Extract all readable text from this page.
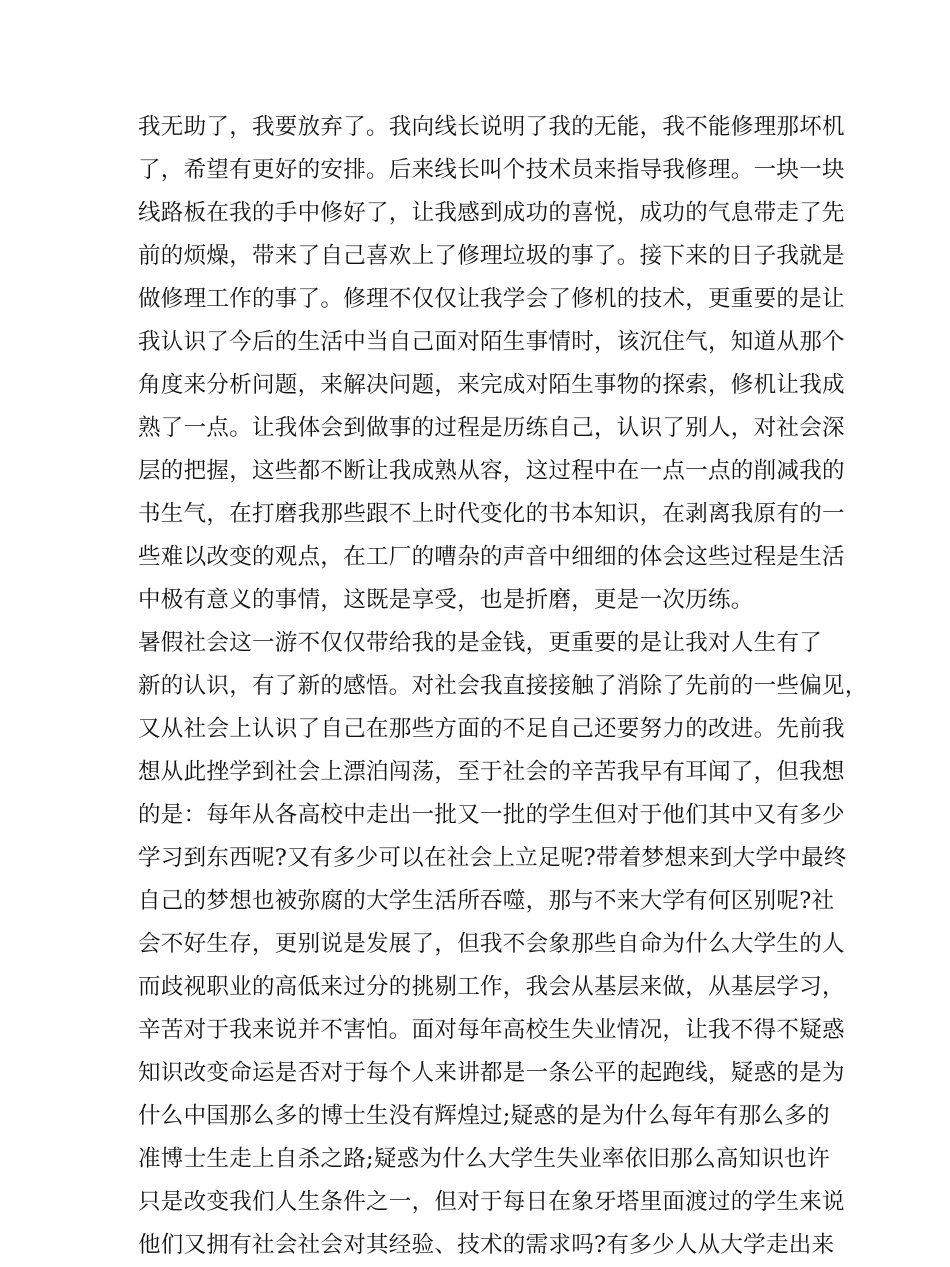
我无助了，我要放弃了。我向线长说明了我的无能，我不能修理那坏机
了，希望有更好的安排。后来线长叫个技术员来指导我修理。一块一块
线路板在我的手中修好了，让我感到成功的喜悦，成功的气息带走了先
前的烦燥，带来了自己喜欢上了修理垃圾的事了。接下来的日子我就是
做修理工作的事了。修理不仅仅让我学会了修机的技术，更重要的是让
我认识了今后的生活中当自己面对陌生事情时，该沉住气，知道从那个
角度来分析问题，来解决问题，来完成对陌生事物的探索，修机让我成
熟了一点。让我体会到做事的过程是历练自己，认识了别人，对社会深
层的把握，这些都不断让我成熟从容，这过程中在一点一点的削减我的
书生气，在打磨我那些跟不上时代变化的书本知识，在剥离我原有的一
些难以改变的观点，在工厂的嘈杂的声音中细细的体会这些过程是生活
中极有意义的事情，这既是享受，也是折磨，更是一次历练。
暑假社会这一游不仅仅带给我的是金钱，更重要的是让我对人生有了
新的认识，有了新的感悟。对社会我直接接触了消除了先前的一些偏见，
又从社会上认识了自己在那些方面的不足自己还要努力的改进。先前我
想从此挫学到社会上漂泊闯荡，至于社会的辛苦我早有耳闻了，但我想
的是：每年从各高校中走出一批又一批的学生但对于他们其中又有多少
学习到东西呢?又有多少可以在社会上立足呢?带着梦想来到大学中最终
自己的梦想也被弥腐的大学生活所吞噬，那与不来大学有何区别呢?社
会不好生存，更别说是发展了，但我不会象那些自命为什么大学生的人
而歧视职业的高低来过分的挑剔工作，我会从基层来做，从基层学习，
辛苦对于我来说并不害怕。面对每年高校生失业情况，让我不得不疑惑
知识改变命运是否对于每个人来讲都是一条公平的起跑线，疑惑的是为
什么中国那么多的博士生没有辉煌过;疑惑的是为什么每年有那么多的
准博士生走上自杀之路;疑惑为什么大学生失业率依旧那么高知识也许
只是改变我们人生条件之一，但对于每日在象牙塔里面渡过的学生来说
他们又拥有社会社会对其经验、技术的需求吗?有多少人从大学走出来
